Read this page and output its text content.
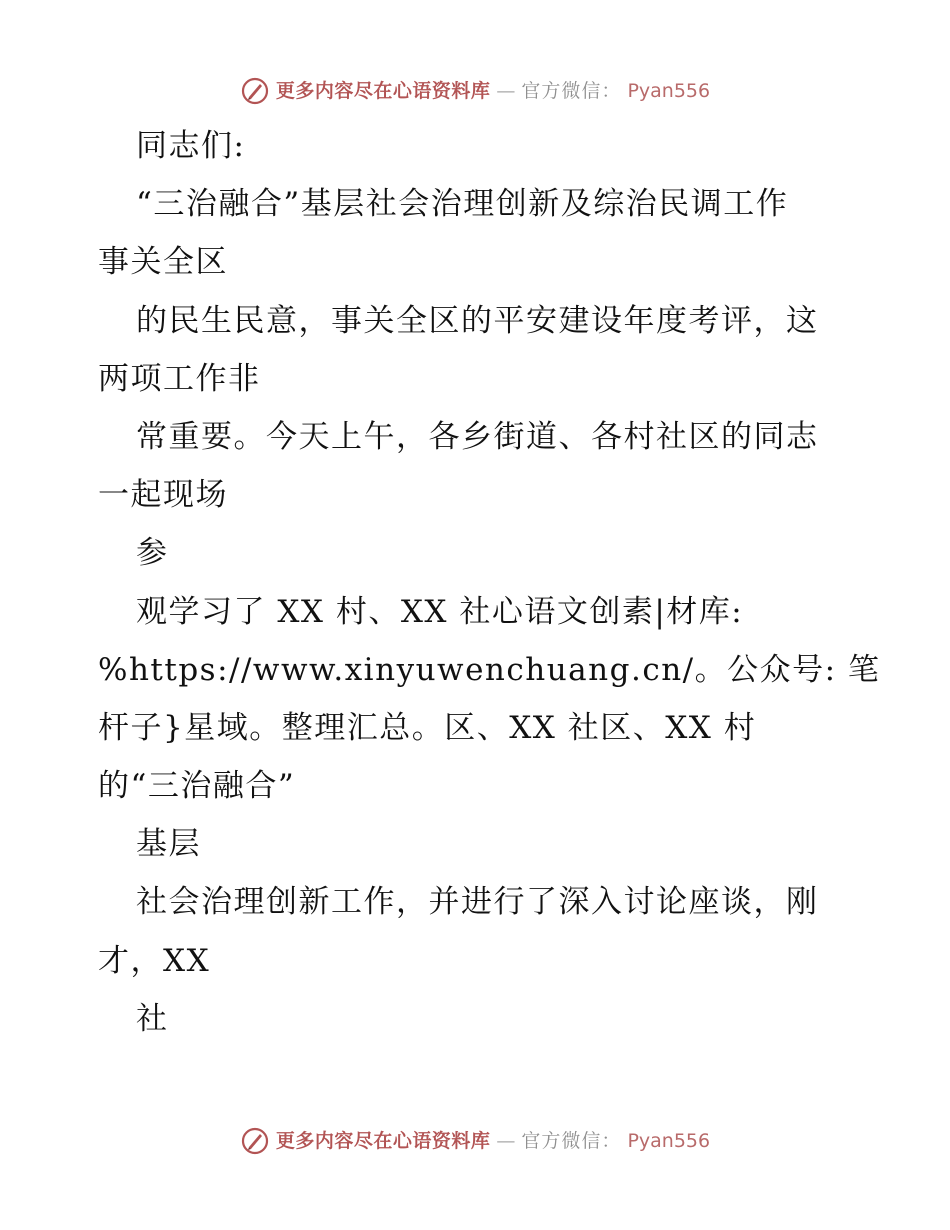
更多内容尽在心语资料库 — 官方微信： Pyan556
同志们:
“三治融合”基层社会治理创新及综治民调工作
事关全区
的民生民意，事关全区的平安建设年度考评，这
两项工作非
常重要。今天上午，各乡街道、各村社区的同志
一起现场
参
观学习了 XX 村、XX 社心语文创素|材库:
%https://www.xinyuwenchuang.cn/。公众号: 笔
杆子}星域。整理汇总。区、XX 社区、XX 村
的“三治融合”
基层
社会治理创新工作，并进行了深入讨论座谈，刚
才，XX
社
更多内容尽在心语资料库 — 官方微信： Pyan556
